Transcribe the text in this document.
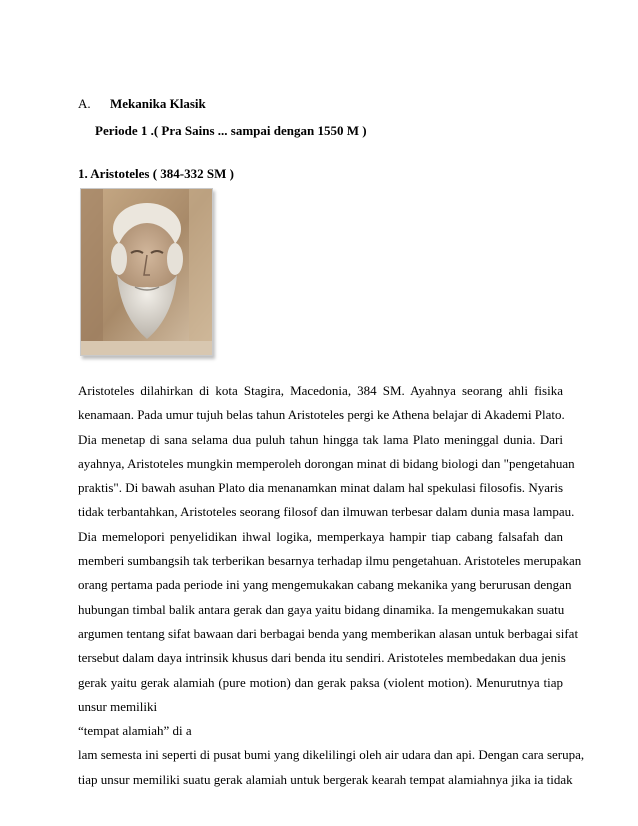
A. Mekanika Klasik
Periode 1 .( Pra Sains ... sampai dengan 1550 M )
1. Aristoteles ( 384-332 SM )
Aristoteles dilahirkan di kota Stagira, Macedonia, 384 SM. Ayahnya seorang ahli fisika
kenamaan. Pada umur tujuh belas tahun Aristoteles pergi ke Athena belajar di Akademi Plato.
Dia menetap di sana selama dua puluh tahun hingga tak lama Plato meninggal dunia. Dari
ayahnya, Aristoteles mungkin memperoleh dorongan minat di bidang biologi dan "pengetahuan
praktis". Di bawah asuhan Plato dia menanamkan minat dalam hal spekulasi filosofis. Nyaris
tidak terbantahkan, Aristoteles seorang filosof dan ilmuwan terbesar dalam dunia masa lampau.
Dia memelopori penyelidikan ihwal logika, memperkaya hampir tiap cabang falsafah dan
memberi sumbangsih tak terberikan besarnya terhadap ilmu pengetahuan. Aristoteles merupakan
orang pertama pada periode ini yang mengemukakan cabang mekanika yang berurusan dengan
hubungan timbal balik antara gerak dan gaya yaitu bidang dinamika. Ia mengemukakan suatu
argumen tentang sifat bawaan dari berbagai benda yang memberikan alasan untuk berbagai sifat
tersebut dalam daya intrinsik khusus dari benda itu sendiri. Aristoteles membedakan dua jenis
gerak yaitu gerak alamiah (pure motion) dan gerak paksa (violent motion). Menurutnya tiap
unsur memiliki
“tempat alamiah” di a
lam semesta ini seperti di pusat bumi yang dikelilingi oleh air udara dan api. Dengan cara serupa,
tiap unsur memiliki suatu gerak alamiah untuk bergerak kearah tempat alamiahnya jika ia tidak
